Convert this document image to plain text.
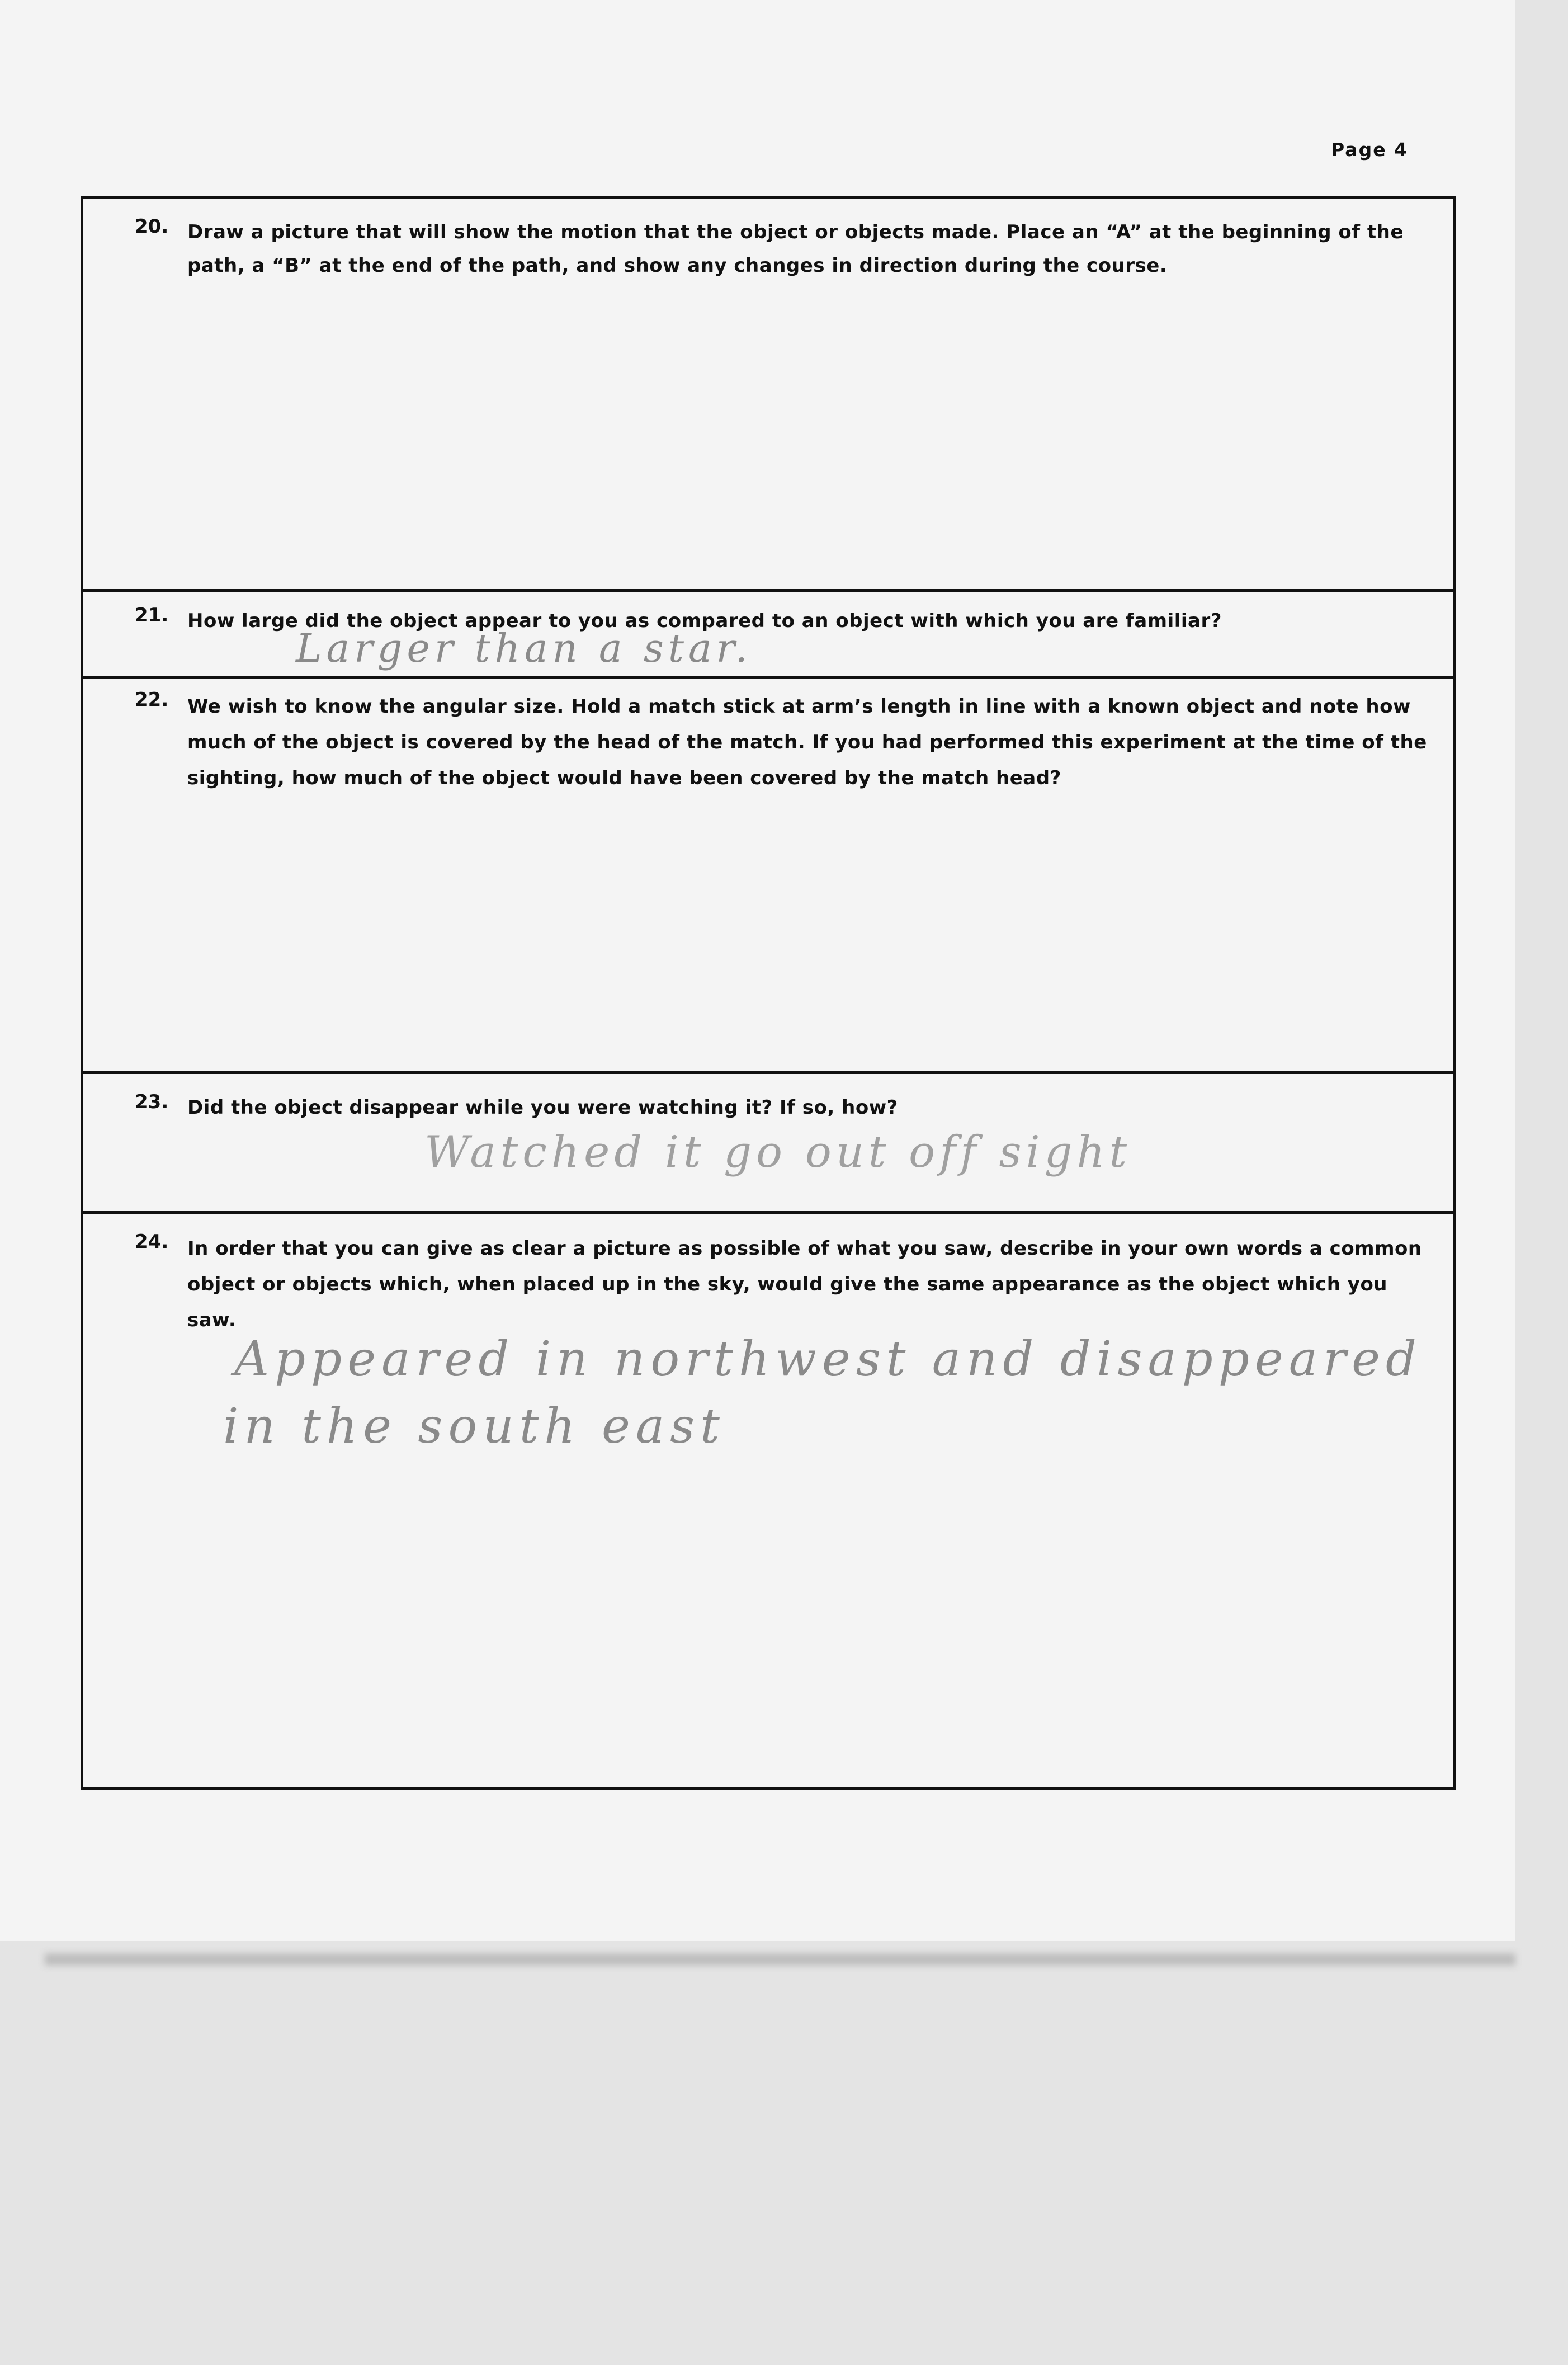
Page 4
20. Draw a picture that will show the motion that the object or objects made. Place an “A” at the beginning of the path, a “B” at the end of the path, and show any changes in direction during the course.
21. How large did the object appear to you as compared to an object with which you are familiar?
Larger than a star.
22. We wish to know the angular size. Hold a match stick at arm’s length in line with a known object and note how much of the object is covered by the head of the match. If you had performed this experiment at the time of the sighting, how much of the object would have been covered by the match head?
23. Did the object disappear while you were watching it? If so, how?
Watched it go out off sight
24. In order that you can give as clear a picture as possible of what you saw, describe in your own words a common object or objects which, when placed up in the sky, would give the same appearance as the object which you saw.
Appeared in northwest and disappeared
in the south east
